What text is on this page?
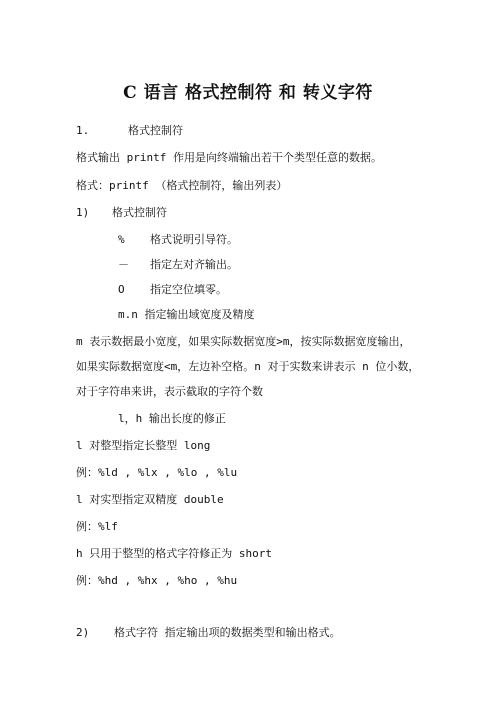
C 语言 格式控制符 和 转义字符
1.	格式控制符
格式输出 printf 作用是向终端输出若干个类型任意的数据。
格式：printf （格式控制符，输出列表）
1) 格式控制符
% 格式说明引导符。
－ 指定左对齐输出。
O 指定空位填零。
m.n 指定输出域宽度及精度
m 表示数据最小宽度，如果实际数据宽度>m，按实际数据宽度输出，
如果实际数据宽度<m，左边补空格。n 对于实数来讲表示 n 位小数，
对于字符串来讲，表示截取的字符个数
l，h 输出长度的修正
l 对整型指定长整型 long
例：%ld , %lx , %lo , %lu
l 对实型指定双精度 double
例：%lf
h 只用于整型的格式字符修正为 short
例：%hd , %hx , %ho , %hu
2) 格式字符 指定输出项的数据类型和输出格式。
